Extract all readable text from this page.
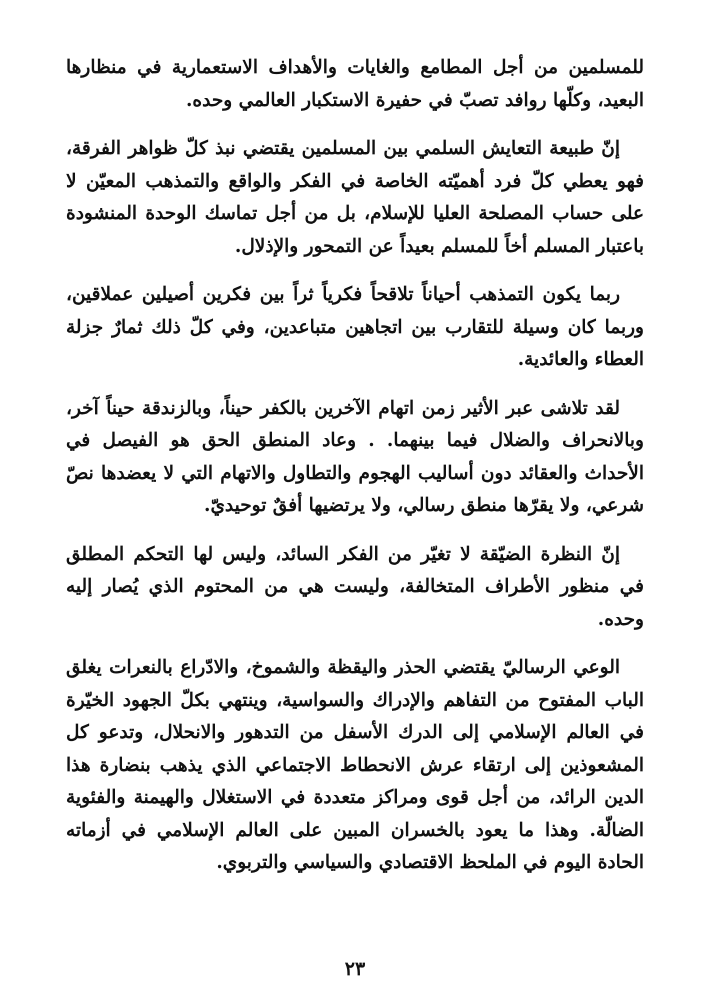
للمسلمين من أجل المطامع والغايات والأهداف الاستعمارية في منظارها البعيد، وكلّها روافد تصبّ في حفيرة الاستكبار العالمي وحده.

إنّ طبيعة التعايش السلمي بين المسلمين يقتضي نبذ كلّ ظواهر الفرقة، فهو يعطي كلّ فرد أهميّته الخاصة في الفكر والواقع والتمذهب المعيّن لا على حساب المصلحة العليا للإسلام، بل من أجل تماسك الوحدة المنشودة باعتبار المسلم أخاً للمسلم بعيداً عن التمحور والإذلال.

ربما يكون التمذهب أحياناً تلاقحاً فكرياً ثراً بين فكرين أصيلين عملاقين، وربما كان وسيلة للتقارب بين اتجاهين متباعدين، وفي كلّ ذلك ثمارٌ جزلة العطاء والعائدية.

لقد تلاشى عبر الأثير زمن اتهام الآخرين بالكفر حيناً، وبالزندقة حيناً آخر، وبالانحراف والضلال فيما بينهما. . وعاد المنطق الحق هو الفيصل في الأحداث والعقائد دون أساليب الهجوم والتطاول والاتهام التي لا يعضدها نصّ شرعي، ولا يقرّها منطق رسالي، ولا يرتضيها أفقٌ توحيديّ.

إنّ النظرة الضيّقة لا تغيّر من الفكر السائد، وليس لها التحكم المطلق في منظور الأطراف المتخالفة، وليست هي من المحتوم الذي يُصار إليه وحده.

الوعي الرساليّ يقتضي الحذر واليقظة والشموخ، والادّراع بالنعرات يغلق الباب المفتوح من التفاهم والإدراك والسواسية، وينتهي بكلّ الجهود الخيّرة في العالم الإسلامي إلى الدرك الأسفل من التدهور والانحلال، وتدعو كل المشعوذين إلى ارتقاء عرش الانحطاط الاجتماعي الذي يذهب بنضارة هذا الدين الرائد، من أجل قوى ومراكز متعددة في الاستغلال والهيمنة والفئوية الضالّة. وهذا ما يعود بالخسران المبين على العالم الإسلامي في أزماته الحادة اليوم في الملحظ الاقتصادي والسياسي والتربوي.

٢٣
